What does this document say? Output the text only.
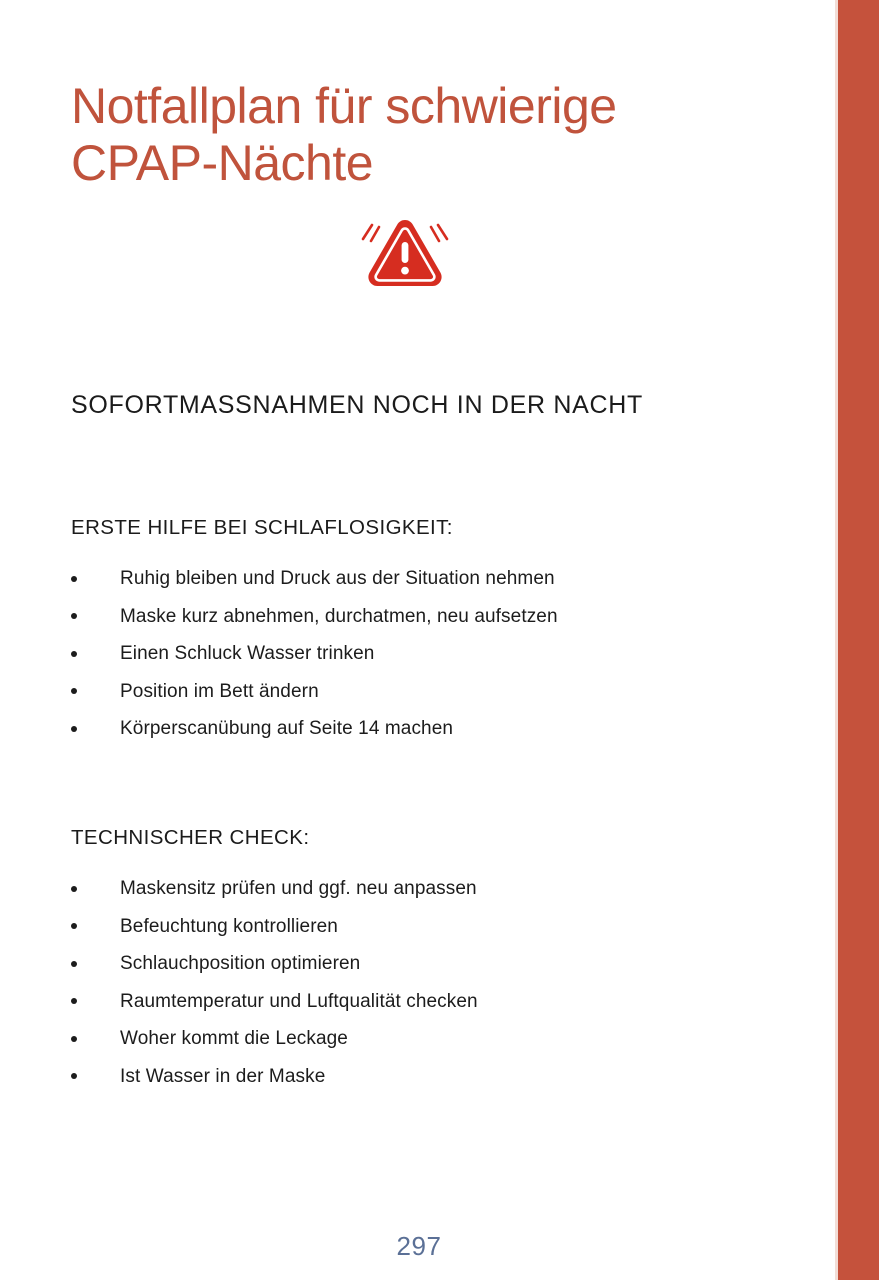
Notfallplan für schwierige
CPAP-Nächte
SOFORTMASSNAHMEN NOCH IN DER NACHT
ERSTE HILFE BEI SCHLAFLOSIGKEIT:
Ruhig bleiben und Druck aus der Situation nehmen
Maske kurz abnehmen, durchatmen, neu aufsetzen
Einen Schluck Wasser trinken
Position im Bett ändern
Körperscanübung auf Seite 14 machen
TECHNISCHER CHECK:
Maskensitz prüfen und ggf. neu anpassen
Befeuchtung kontrollieren
Schlauchposition optimieren
Raumtemperatur und Luftqualität checken
Woher kommt die Leckage
Ist Wasser in der Maske
297
